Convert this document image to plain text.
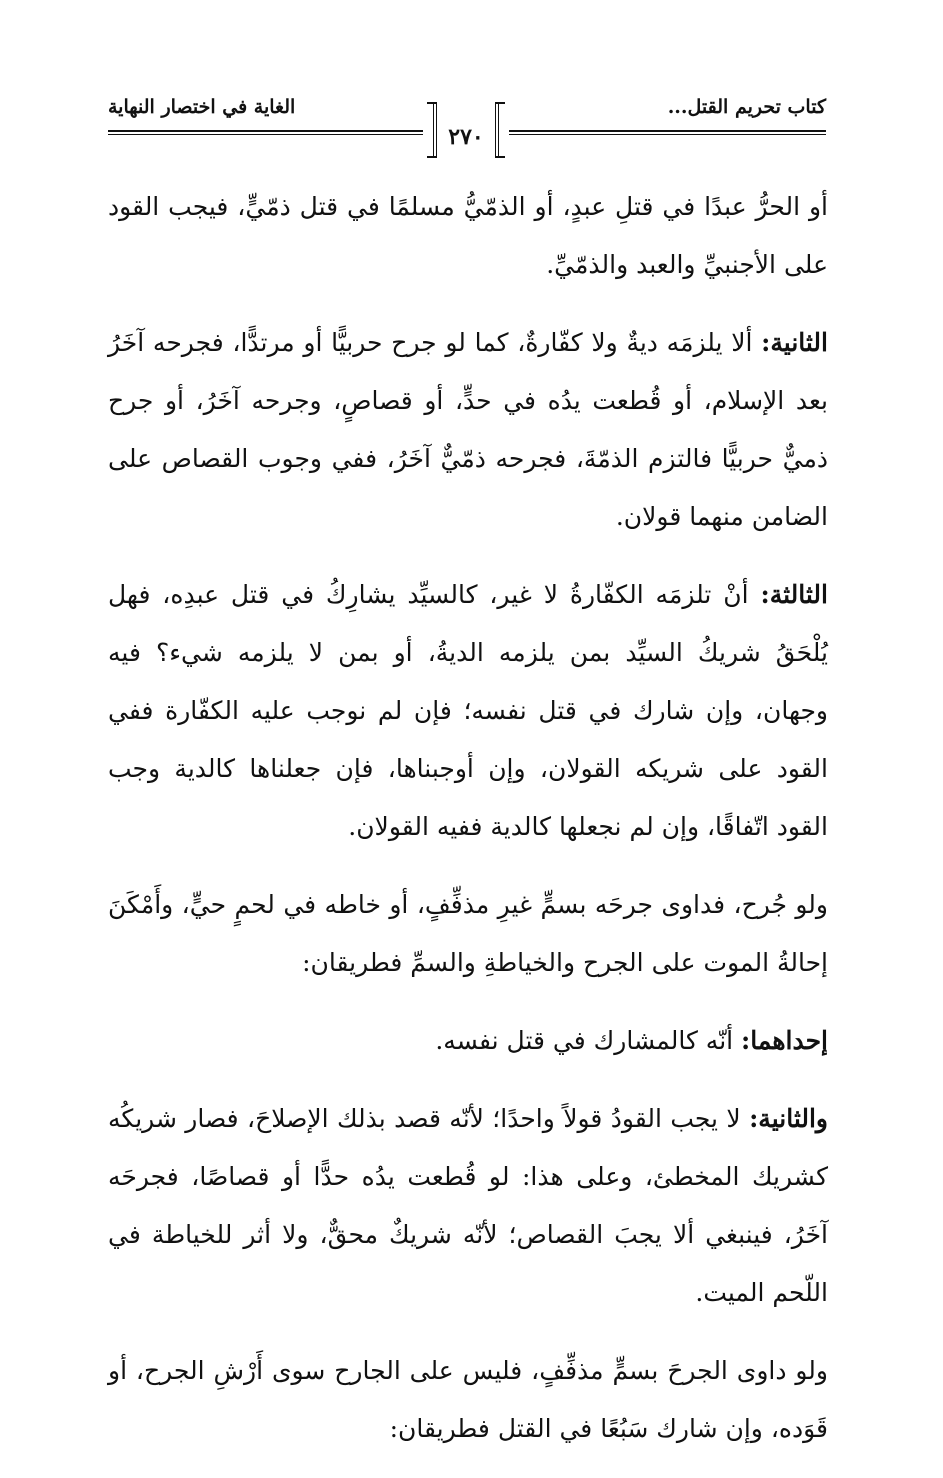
كتاب تحريم القتل...
الغاية في اختصار النهاية
٢٧٠

أو الحرُّ عبدًا في قتلِ عبدٍ، أو الذمّيُّ مسلمًا في قتل ذمّيٍّ، فيجب القود على الأجنبيِّ والعبد والذمّيِّ.

الثانية: ألا يلزمَه ديةٌ ولا كفّارةٌ، كما لو جرح حربيًّا أو مرتدًّا، فجرحه آخَرُ بعد الإسلام، أو قُطعت يدُه في حدٍّ، أو قصاصٍ، وجرحه آخَرُ، أو جرح ذميٌّ حربيًّا فالتزم الذمّةَ، فجرحه ذمّيٌّ آخَرُ، ففي وجوب القصاص على الضامن منهما قولان.

الثالثة: أنْ تلزمَه الكفّارةُ لا غير، كالسيِّد يشارِكُ في قتل عبدِه، فهل يُلْحَقُ شريكُ السيِّد بمن يلزمه الديةُ، أو بمن لا يلزمه شيء؟ فيه وجهان، وإن شارك في قتل نفسه؛ فإن لم نوجب عليه الكفّارة ففي القود على شريكه القولان، وإن أوجبناها، فإن جعلناها كالدية وجب القود اتّفاقًا، وإن لم نجعلها كالدية ففيه القولان.

ولو جُرح، فداوى جرحَه بسمٍّ غيرِ مذفِّفٍ، أو خاطه في لحمٍ حيٍّ، وأَمْكَنَ إحالةُ الموت على الجرح والخياطةِ والسمِّ فطريقان:

إحداهما: أنّه كالمشارك في قتل نفسه.

والثانية: لا يجب القودُ قولاً واحدًا؛ لأنّه قصد بذلك الإصلاحَ، فصار شريكُه كشريك المخطئ، وعلى هذا: لو قُطعت يدُه حدًّا أو قصاصًا، فجرحَه آخَرُ، فينبغي ألا يجبَ القصاص؛ لأنّه شريكٌ محقٌّ، ولا أثر للخياطة في اللّحم الميت.

ولو داوى الجرحَ بسمٍّ مذفِّفٍ، فليس على الجارح سوى أَرْشِ الجرح، أو قَوَده، وإن شارك سَبُعًا في القتل فطريقان:
